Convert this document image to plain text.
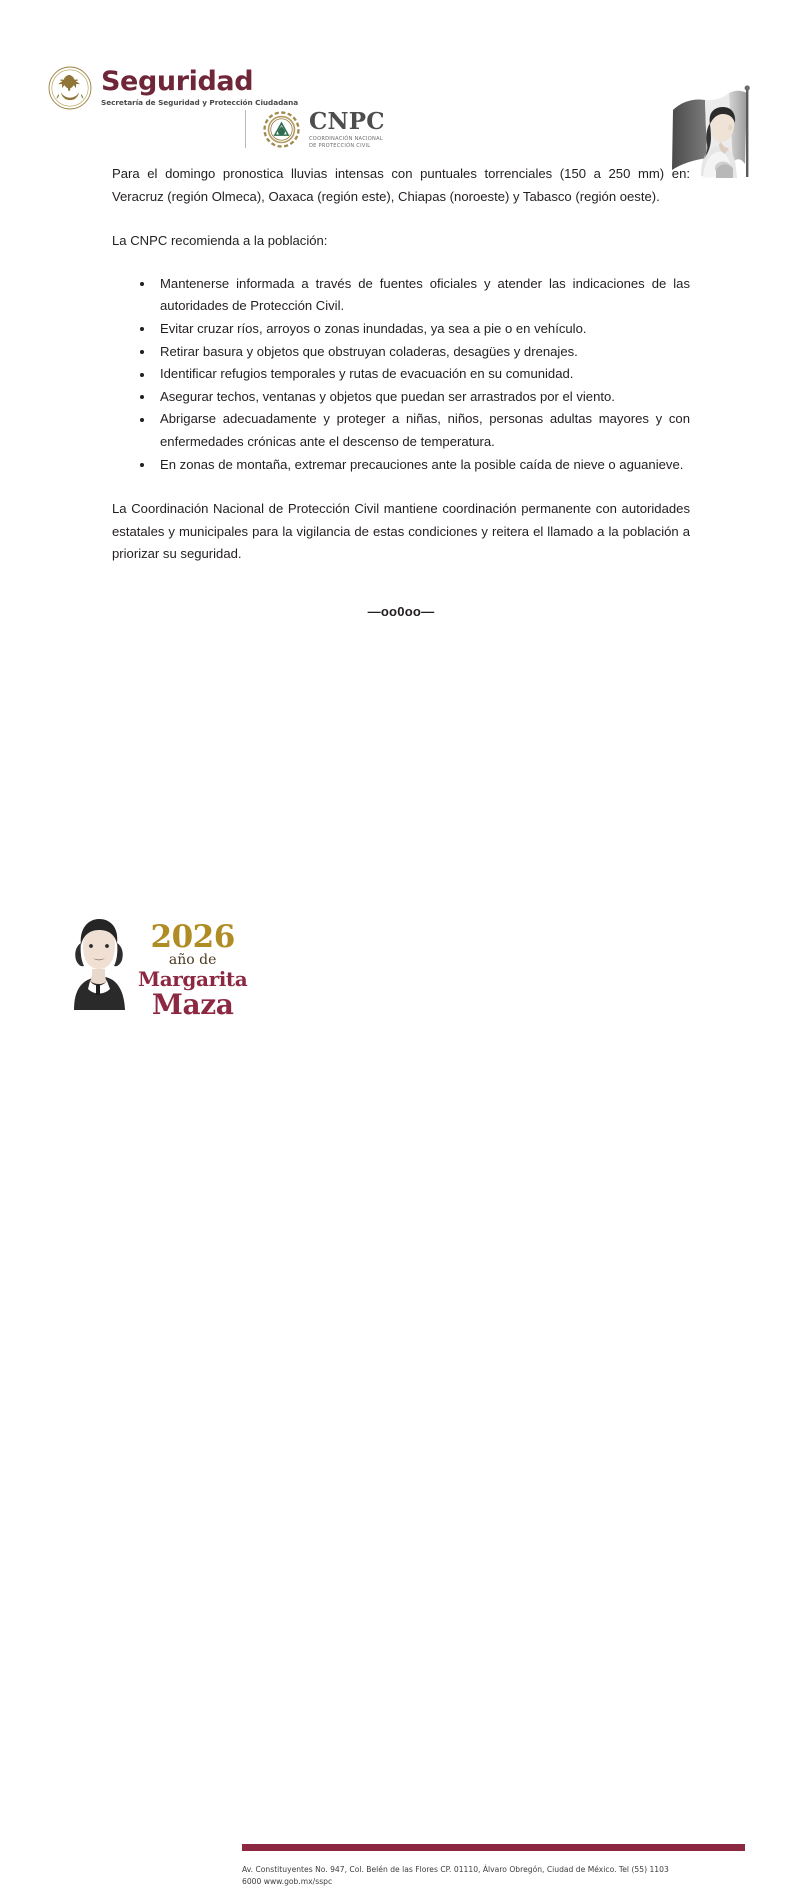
Seguridad
Secretaría de Seguridad y Protección Ciudadana
CNPC
COORDINACIÓN NACIONAL
DE PROTECCIÓN CIVIL

Para el domingo pronostica lluvias intensas con puntuales torrenciales (150 a 250 mm) en: Veracruz (región Olmeca), Oaxaca (región este), Chiapas (noroeste) y Tabasco (región oeste).

La CNPC recomienda a la población:

Mantenerse informada a través de fuentes oficiales y atender las indicaciones de las autoridades de Protección Civil.
Evitar cruzar ríos, arroyos o zonas inundadas, ya sea a pie o en vehículo.
Retirar basura y objetos que obstruyan coladeras, desagües y drenajes.
Identificar refugios temporales y rutas de evacuación en su comunidad.
Asegurar techos, ventanas y objetos que puedan ser arrastrados por el viento.
Abrigarse adecuadamente y proteger a niñas, niños, personas adultas mayores y con enfermedades crónicas ante el descenso de temperatura.
En zonas de montaña, extremar precauciones ante la posible caída de nieve o aguanieve.

La Coordinación Nacional de Protección Civil mantiene coordinación permanente con autoridades estatales y municipales para la vigilancia de estas condiciones y reitera el llamado a la población a priorizar su seguridad.

—oo0oo—
2026
año de
Margarita
Maza
Av. Constituyentes No. 947, Col. Belén de las Flores CP. 01110, Álvaro Obregón, Ciudad de México. Tel (55) 1103
6000 www.gob.mx/sspc
